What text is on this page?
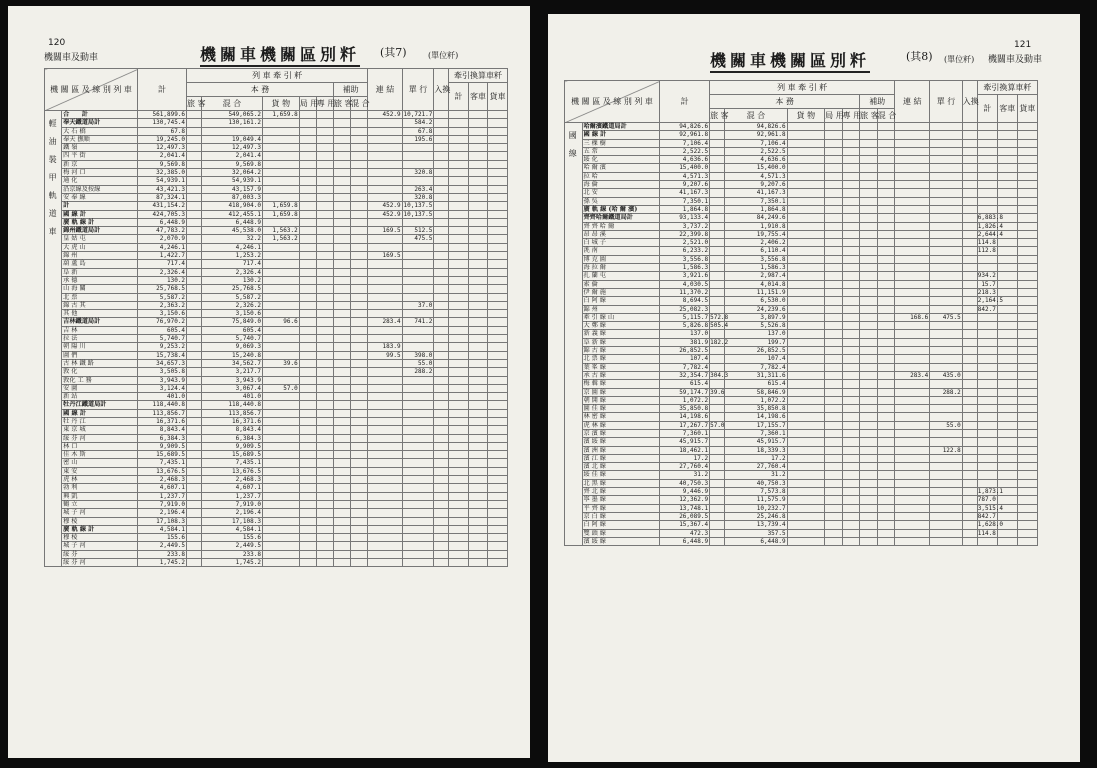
120
機關車及動車	機關車機關區別粁 (其7)	(單位粁)
機 關 區 及 線 別 列 車		計	列 車 牽 引 粁							連 結	單 行	入換	牽引換算車粁		
			本 務					補助					計	客車	貨車
			旅 客	混 合	貨 物	局 用	專 用	旅 客	混 合						
輕 油 裝 甲 軌 道 車	合　　計	561,899.6		549,065.2	1,659.8					452.9	10,721.7				
	奉天鐵道局計	130,745.4		130,161.2							584.2				
	大 石 橋	67.8									67.8				
	奉天 撫順	19,245.0		19,049.4							195.6				
	鐵 嶺	12,497.3		12,497.3											
	四 平 街	2,041.4		2,041.4											
	新 京	9,569.8		9,569.8											
	梅 河 口	32,385.0		32,064.2							320.8				
	通 化	54,939.1		54,939.1											
	沿京線及按線	43,421.3		43,157.9							263.4				
	安 奉 線	87,324.1		87,003.3							320.8				
	計	431,154.2		418,904.0	1,659.8					452.9	10,137.5				
	國 線 計	424,705.3		412,455.1	1,659.8					452.9	10,137.5				
	廣 軌 線 計	6,448.9		6,448.9											
	錦州鐵道局計	47,783.2		45,538.0	1,563.2					169.5	512.5				
	皇 姑 屯	2,070.9		32.2	1,563.2						475.5				
	大 虎 山	4,246.1		4,246.1											
	錦 州	1,422.7		1,253.2						169.5					
	葫 蘆 島	717.4		717.4											
	阜 新	2,326.4		2,326.4											
	承 德	130.2		130.2											
	山 海 關	25,768.5		25,768.5											
	北 票	5,587.2		5,587.2											
	錦 古 其	2,363.2		2,326.2							37.0				
	其 他	3,150.6		3,150.6											
	吉林鐵道局計	76,970.2		75,849.0	96.6					283.4	741.2				
	吉 林	605.4		605.4											
	拉 法	5,740.7		5,740.7											
	朝 陽 川	9,253.2		9,069.3						183.9					
	圖 們	15,738.4		15,240.8						99.5	398.0				
	古 林 鐵 路	34,657.3		34,562.7	39.6						55.0				
	敦 化	3,505.8		3,217.7							288.2				
	敦化 工 務	3,943.9		3,943.9											
	安 圖	3,124.4		3,067.4	57.0										
	新 站	401.0		401.0											
	牡丹江鐵道局計	118,440.8		118,440.8											
	國 線 計	113,856.7		113,856.7											
	牡 丹 江	16,371.6		16,371.6											
	東 京 城	8,843.4		8,843.4											
	綏 芬 河	6,384.3		6,384.3											
	林 口	9,909.5		9,909.5											
	佳 木 斯	15,689.5		15,689.5											
	密 山	7,435.1		7,435.1											
	東 安	13,676.5		13,676.5											
	虎 林	2,468.3		2,468.3											
	勃 利	4,607.1		4,607.1											
	興 凱	1,237.7		1,237.7											
	鶴 立	7,919.0		7,919.0											
	城 子 河	2,196.4		2,196.4											
	穆 棱	17,108.3		17,108.3											
	廣 軌 線 計	4,584.1		4,584.1											
	穆 棱	155.6		155.6											
	城 子 河	2,449.5		2,449.5											
	綏 芬	233.8		233.8											
	綏 芬 河	1,745.2		1,745.2											
121
機關車及動車
機關車機關區別粁	(其8) (單位粁)
機 關 區 及 線 別 列 車		計	列 車 牽 引 粁							連 結	單 行	入換	牽引換算車粁		
			本 務					補助					計	客車	貨車
			旅 客	混 合	貨 物	局 用	專 用	旅 客	混 合						
國 線	哈爾濱鐵道局計	94,826.6		94,826.6											
	國 線 計	92,961.8		92,961.8											
	三 棵 樹	7,106.4		7,106.4											
	五 常	2,522.5		2,522.5											
	綏 化	4,636.6		4,636.6											
	哈 爾 濱	15,400.0		15,400.0											
	拉 哈	4,571.3		4,571.3											
	海 倫	9,207.6		9,207.6											
	北 安	41,167.3		41,167.3											
	孫 吳	7,350.1		7,350.1											
	廣 軌 線 (哈 爾 濱)	1,864.8		1,864.8											
	齊齊哈爾鐵道局計	93,133.4		84,249.6									6,883.8		
	齊 齊 哈 爾	3,737.2		1,910.8									1,826.4		
	昂 昂 溪	22,399.8		19,755.4									2,644.4		
	白 城 子	2,521.0		2,406.2									114.8		
	洮 南	6,233.2		6,110.4									112.8		
	博 克 圖	3,556.8		3,556.8											
	海 拉 爾	1,586.3		1,586.3											
	扎 蘭 屯	3,921.6		2,987.4									934.2		
	索 倫	4,030.5		4,014.8									15.7		
	伊 爾 施	11,370.2		11,151.9									218.3		
	白 阿 線	8,694.5		6,530.0									2,164.5		
	錦 州	25,082.3		24,239.6									842.7		
	牽 引 線 山	5,115.7	572.8	3,897.9						168.6	475.5				
	大 鄭 線	5,826.8	505.4	5,526.8											
	新 義 線	137.0		137.0											
	阜 新 線	381.9	182.2	199.7											
	錦 古 線	26,852.5		26,852.5											
	北 票 線	107.4		107.4											
	葉 峯 線	7,782.4		7,782.4											
	承 古 線	32,354.7	304.3	31,311.6						283.4	435.0				
	梅 輯 線	615.4		615.4											
	京 圖 線	59,174.7	39.6	58,846.9							288.2				
	朝 開 線	1,072.2		1,072.2											
	圖 佳 線	35,850.8		35,850.8											
	林 密 線	14,198.6		14,198.6											
	虎 林 線	17,267.7	57.0	17,155.7							55.0				
	京 濱 線	7,360.1		7,360.1											
	濱 綏 線	45,915.7		45,915.7											
	濱 洲 線	18,462.1		18,339.3							122.8				
	濱 江 線	17.2		17.2											
	濱 北 線	27,760.4		27,760.4											
	綏 佳 線	31.2		31.2											
	北 黑 線	40,750.3		40,750.3											
	齊 北 線	9,446.9		7,573.8									1,873.1		
	寧 墨 線	12,362.9		11,575.9									787.0		
	平 齊 線	13,748.1		10,232.7									3,515.4		
	京 白 線	26,089.5		25,246.8									842.7		
	白 阿 線	15,367.4		13,739.4									1,628.0		
	雙 頭 線	472.3		357.5									114.8		
	濱 綏 線	6,448.9		6,448.9											
